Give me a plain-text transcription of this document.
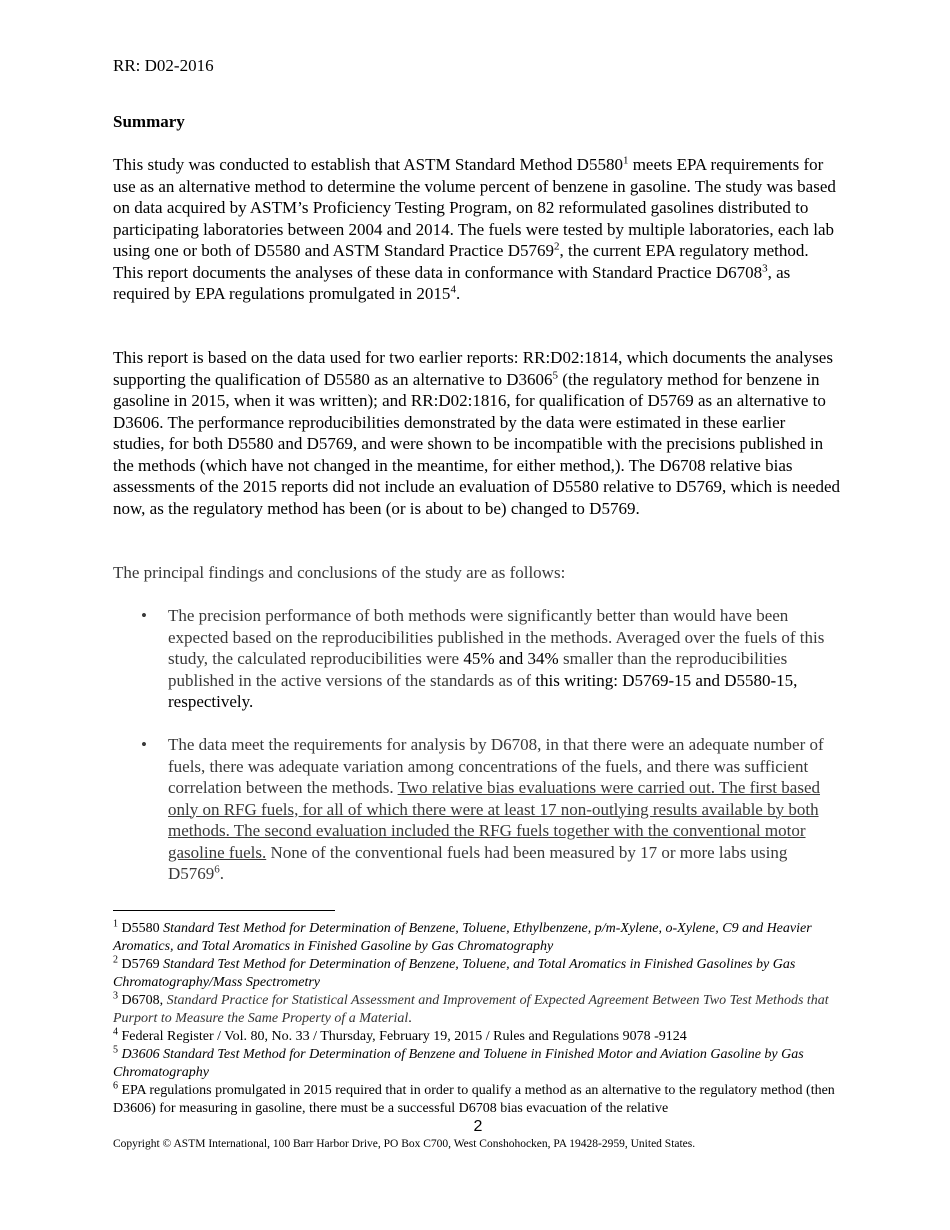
RR: D02-2016
Summary

This study was conducted to establish that ASTM Standard Method D5580$^1$ meets EPA requirements for use as an alternative method to determine the volume percent of benzene in gasoline. The study was based on data acquired by ASTM’s Proficiency Testing Program, on 82 reformulated gasolines distributed to participating laboratories between 2004 and 2014. The fuels were tested by multiple laboratories, each lab using one or both of D5580 and ASTM Standard Practice D5769$^2$, the current EPA regulatory method. This report documents the analyses of these data in conformance with Standard Practice D6708$^3$, as required by EPA regulations promulgated in 2015$^4$.

This report is based on the data used for two earlier reports: RR:D02:1814, which documents the analyses supporting the qualification of D5580 as an alternative to D3606$^5$ (the regulatory method for benzene in gasoline in 2015, when it was written); and RR:D02:1816, for qualification of D5769 as an alternative to D3606. The performance reproducibilities demonstrated by the data were estimated in these earlier studies, for both D5580 and D5769, and were shown to be incompatible with the precisions published in the methods (which have not changed in the meantime, for either method,). The D6708 relative bias assessments of the 2015 reports did not include an evaluation of D5580 relative to D5769, which is needed now, as the regulatory method has been (or is about to be) changed to D5769.

The principal findings and conclusions of the study are as follows:

• The precision performance of both methods were significantly better than would have been expected based on the reproducibilities published in the methods. Averaged over the fuels of this study, the calculated reproducibilities were 45% and 34% smaller than the reproducibilities published in the active versions of the standards as of this writing: D5769-15 and D5580-15, respectively.
• The data meet the requirements for analysis by D6708, in that there were an adequate number of fuels, there was adequate variation among concentrations of the fuels, and there was sufficient correlation between the methods. Two relative bias evaluations were carried out. The first based only on RFG fuels, for all of which there were at least 17 non-outlying results available by both methods. The second evaluation included the RFG fuels together with the conventional motor gasoline fuels. None of the conventional fuels had been measured by 17 or more labs using D5769$^6$.

$^1$ D5580 Standard Test Method for Determination of Benzene, Toluene, Ethylbenzene, p/m-Xylene, o-Xylene, C9 and Heavier Aromatics, and Total Aromatics in Finished Gasoline by Gas Chromatography

$^2$ D5769 Standard Test Method for Determination of Benzene, Toluene, and Total Aromatics in Finished Gasolines by Gas Chromatography/Mass Spectrometry

$^3$ D6708, Standard Practice for Statistical Assessment and Improvement of Expected Agreement Between Two Test Methods that Purport to Measure the Same Property of a Material.

$^4$ Federal Register / Vol. 80, No. 33 / Thursday, February 19, 2015 / Rules and Regulations 9078 -9124

$^5$ D3606 Standard Test Method for Determination of Benzene and Toluene in Finished Motor and Aviation Gasoline by Gas Chromatography

$^6$ EPA regulations promulgated in 2015 required that in order to qualify a method as an alternative to the regulatory method (then D3606) for measuring in gasoline, there must be a successful D6708 bias evacuation of the relative

2
Copyright © ASTM International, 100 Barr Harbor Drive, PO Box C700, West Conshohocken, PA 19428-2959, United States.
